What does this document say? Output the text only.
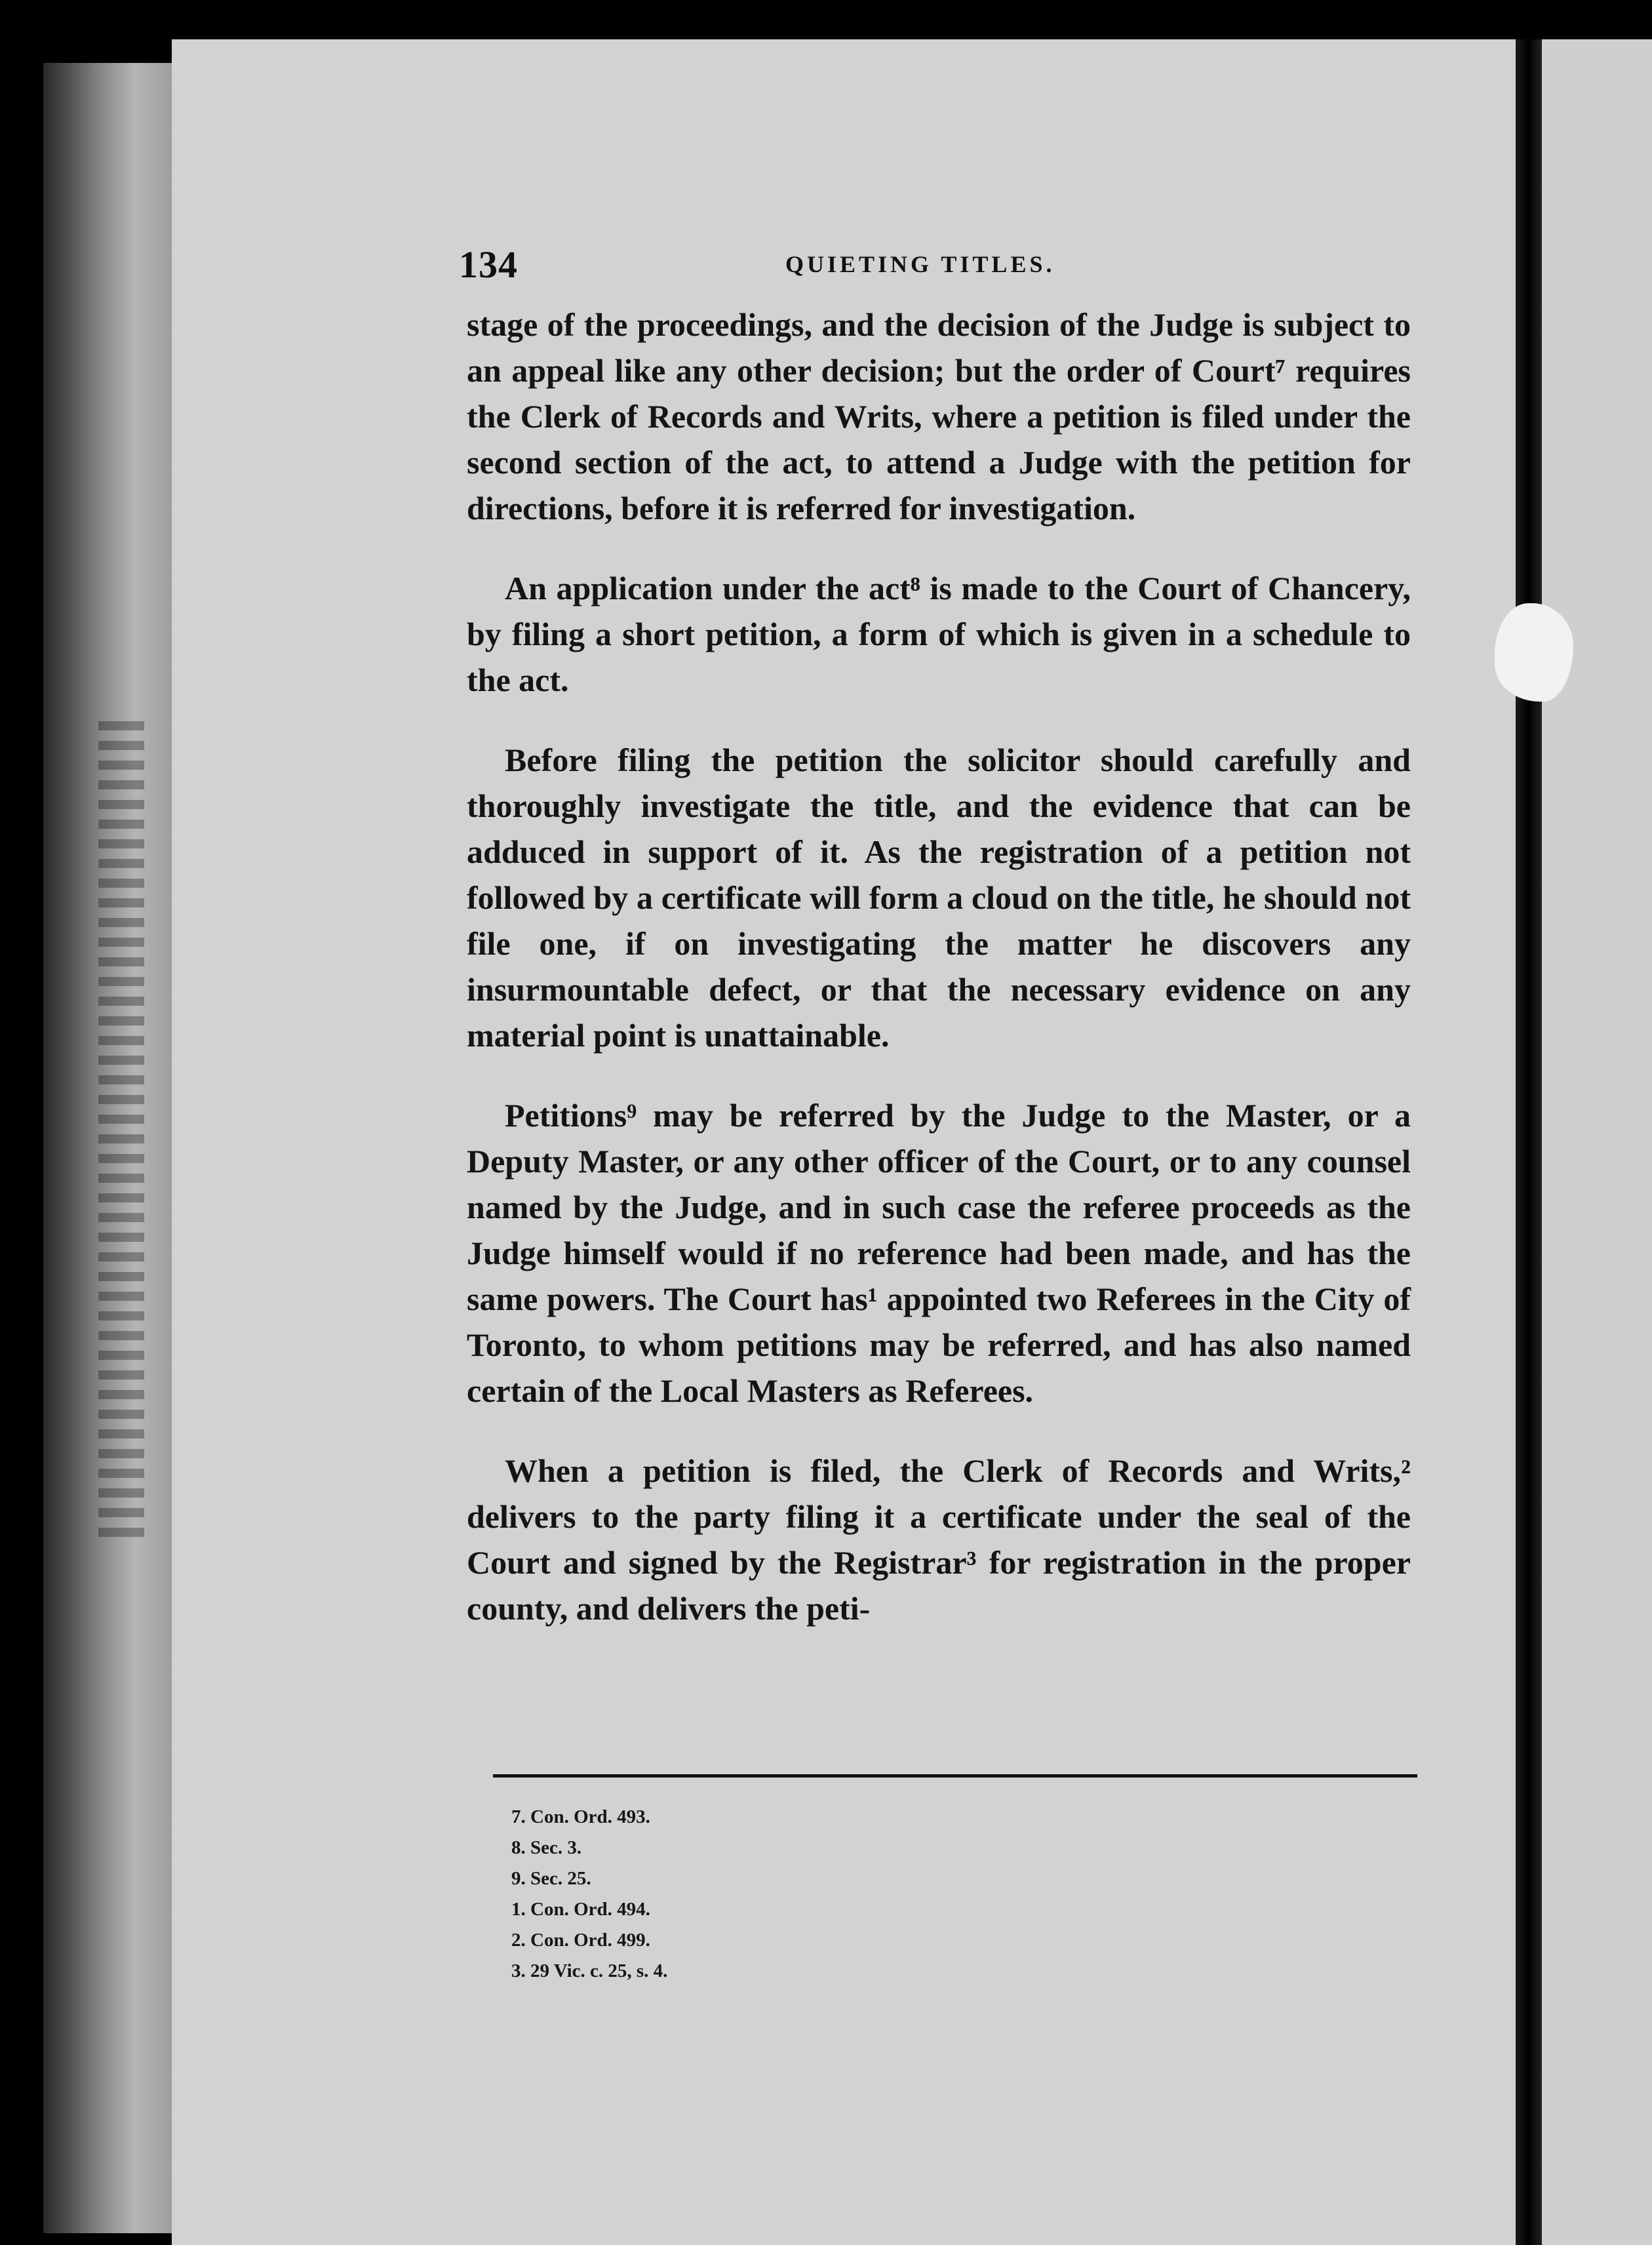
134	QUIETING TITLES.

stage of the proceedings, and the decision of the Judge is subject to an appeal like any other decision; but the order of Court⁷ requires the Clerk of Records and Writs, where a petition is filed under the second section of the act, to attend a Judge with the petition for directions, before it is referred for investigation.

An application under the act⁸ is made to the Court of Chancery, by filing a short petition, a form of which is given in a schedule to the act.

Before filing the petition the solicitor should carefully and thoroughly investigate the title, and the evidence that can be adduced in support of it. As the registration of a petition not followed by a certificate will form a cloud on the title, he should not file one, if on investigating the matter he discovers any insurmountable defect, or that the necessary evidence on any material point is unattainable.

Petitions⁹ may be referred by the Judge to the Master, or a Deputy Master, or any other officer of the Court, or to any counsel named by the Judge, and in such case the referee proceeds as the Judge himself would if no reference had been made, and has the same powers. The Court has¹ appointed two Referees in the City of Toronto, to whom petitions may be referred, and has also named certain of the Local Masters as Referees.

When a petition is filed, the Clerk of Records and Writs,² delivers to the party filing it a certificate under the seal of the Court and signed by the Registrar³ for registration in the proper county, and delivers the peti-

7. Con. Ord. 493.
8. Sec. 3.
9. Sec. 25.
1. Con. Ord. 494.
2. Con. Ord. 499.
3. 29 Vic. c. 25, s. 4.
